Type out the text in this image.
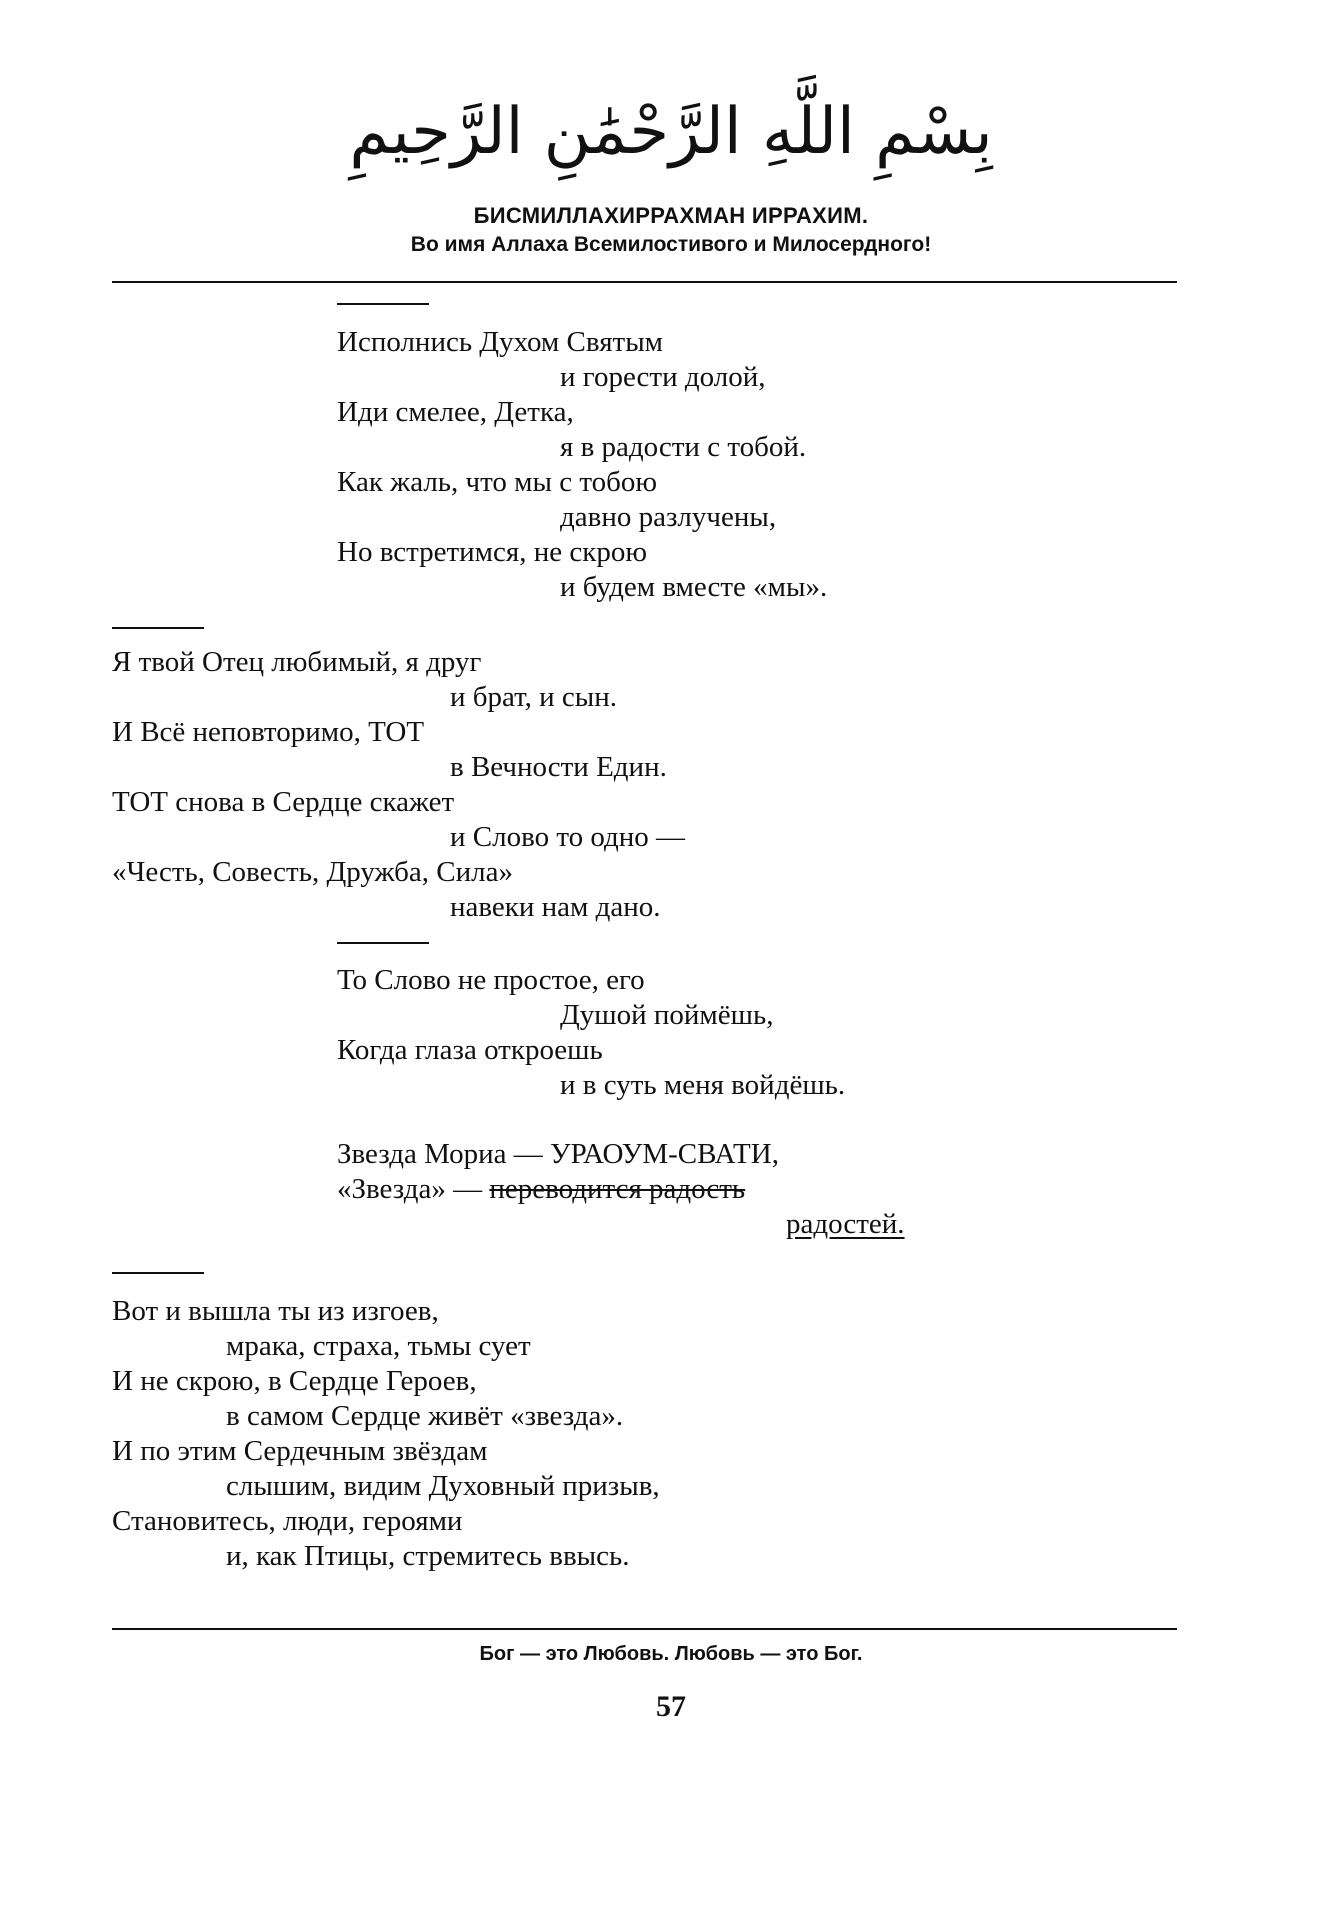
بِسْمِ اللَّهِ الرَّحْمَٰنِ الرَّحِيمِ
БИСМИЛЛАХИРРАХМАН ИРРАХИМ.
Во имя Аллаха Всемилостивого и Милосердного!
Исполнись Духом Святым
и горести долой,
Иди смелее, Детка,
я в радости с тобой.
Как жаль, что мы с тобою
давно разлучены,
Но встретимся, не скрою
и будем вместе «мы».
Я твой Отец любимый, я друг
и брат, и сын.
И Всё неповторимо, ТОТ
в Вечности Един.
ТОТ снова в Сердце скажет
и Слово то одно —
«Честь, Совесть, Дружба, Сила»
навеки нам дано.
То Слово не простое, его
Душой поймёшь,
Когда глаза откроешь
и в суть меня войдёшь.
Звезда Мориа — УРАОУМ-СВАТИ,
«Звезда» — переводится радость
радостей.
Вот и вышла ты из изгоев,
мрака, страха, тьмы сует
И не скрою, в Сердце Героев,
в самом Сердце живёт «звезда».
И по этим Сердечным звёздам
слышим, видим Духовный призыв,
Становитесь, люди, героями
и, как Птицы, стремитесь ввысь.
Бог — это Любовь. Любовь — это Бог.
57
